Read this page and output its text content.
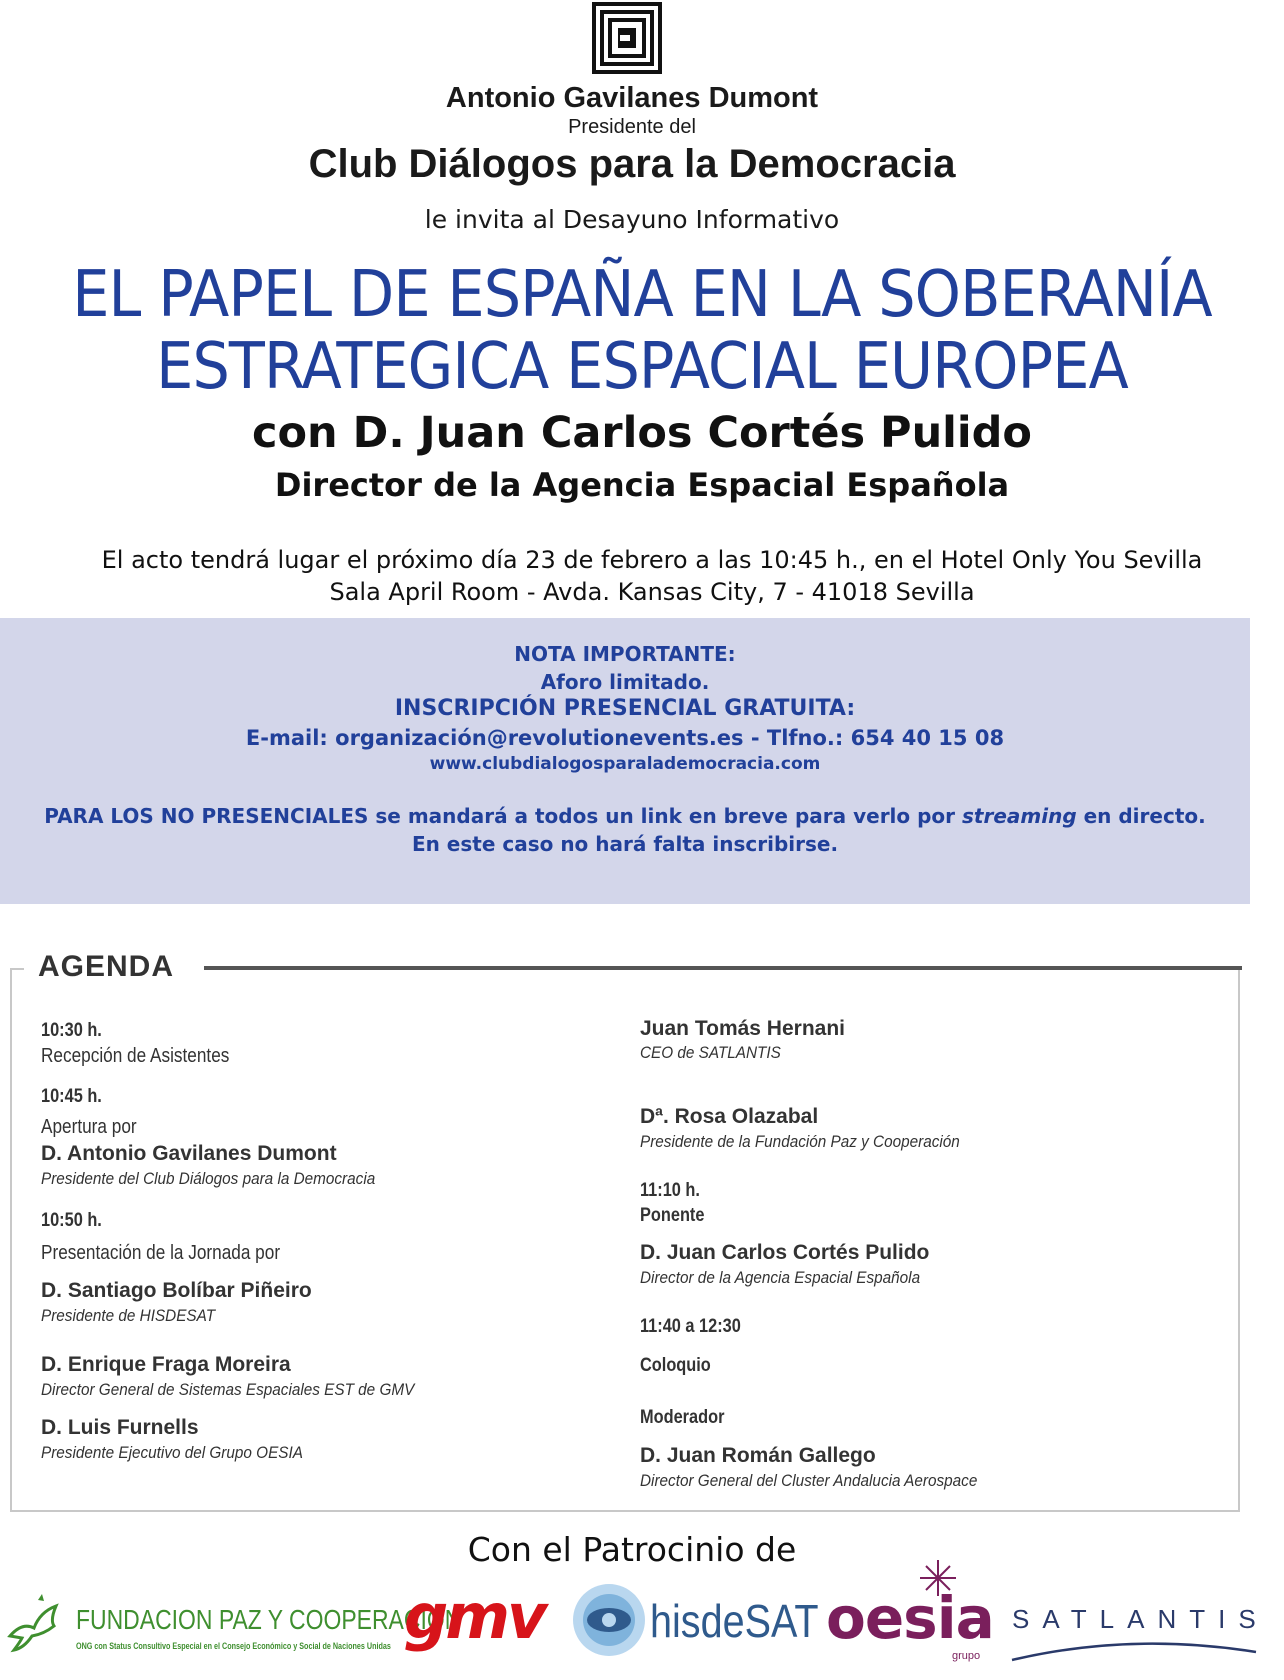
Antonio Gavilanes Dumont
Presidente del
Club Diálogos para la Democracia
le invita al Desayuno Informativo
EL PAPEL DE ESPAÑA EN LA SOBERANÍA
ESTRATEGICA ESPACIAL EUROPEA
con D. Juan Carlos Cortés Pulido
Director de la Agencia Espacial Española
El acto tendrá lugar el próximo día 23 de febrero a las 10:45 h., en el Hotel Only You Sevilla
Sala April Room - Avda. Kansas City, 7 - 41018 Sevilla
NOTA IMPORTANTE:
Aforo limitado.
INSCRIPCIÓN PRESENCIAL GRATUITA:
E-mail: organización@revolutionevents.es - Tlfno.: 654 40 15 08
www.clubdialogosparalademocracia.com
PARA LOS NO PRESENCIALES se mandará a todos un link en breve para verlo por streaming en directo.
En este caso no hará falta inscribirse.
AGENDA
10:30 h.
Recepción de Asistentes
10:45 h.
Apertura por
D. Antonio Gavilanes Dumont
Presidente del Club Diálogos para la Democracia
10:50 h.
Presentación de la Jornada por
D. Santiago Bolíbar Piñeiro
Presidente de HISDESAT
D. Enrique Fraga Moreira
Director General de Sistemas Espaciales EST de GMV
D. Luis Furnells
Presidente Ejecutivo del Grupo OESIA
Juan Tomás Hernani
CEO de SATLANTIS
Dª. Rosa Olazabal
Presidente de la Fundación Paz y Cooperación
11:10 h.
Ponente
D. Juan Carlos Cortés Pulido
Director de la Agencia Espacial Española
11:40 a 12:30
Coloquio
Moderador
D. Juan Román Gallego
Director General del Cluster Andalucia Aerospace
Con el Patrocinio de
FUNDACION PAZ Y COOPERACION
ONG con Status Consultivo Especial en el Consejo Económico y Social de Naciones Unidas gmv hisdeSAT oesia
grupo
SATLANTIS
